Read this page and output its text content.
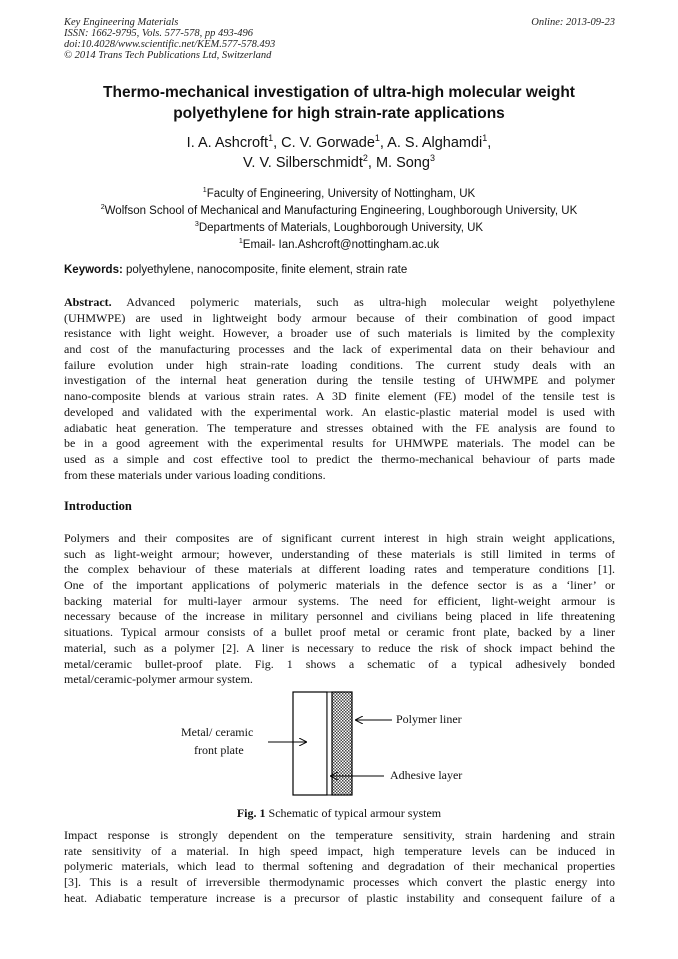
Key Engineering Materials
ISSN: 1662-9795, Vols. 577-578, pp 493-496
doi:10.4028/www.scientific.net/KEM.577-578.493
© 2014 Trans Tech Publications Ltd, Switzerland
Online: 2013-09-23
Thermo-mechanical investigation of ultra-high molecular weight
polyethylene for high strain-rate applications
I. A. Ashcroft$^1$, C. V. Gorwade$^1$, A. S. Alghamdi$^1$,
V. V. Silberschmidt$^2$, M. Song$^3$
$^1$Faculty of Engineering, University of Nottingham, UK
$^2$Wolfson School of Mechanical and Manufacturing Engineering, Loughborough University, UK
$^3$Departments of Materials, Loughborough University, UK
$^1$Email- Ian.Ashcroft@nottingham.ac.uk
Keywords: polyethylene, nanocomposite, finite element, strain rate
Abstract. Advanced polymeric materials, such as ultra-high molecular weight polyethylene
(UHMWPE) are used in lightweight body armour because of their combination of good impact
resistance with light weight. However, a broader use of such materials is limited by the complexity
and cost of the manufacturing processes and the lack of experimental data on their behaviour and
failure evolution under high strain-rate loading conditions. The current study deals with an
investigation of the internal heat generation during the tensile testing of UHWMPE and polymer
nano-composite blends at various strain rates. A 3D finite element (FE) model of the tensile test is
developed and validated with the experimental work. An elastic-plastic material model is used with
adiabatic heat generation. The temperature and stresses obtained with the FE analysis are found to
be in a good agreement with the experimental results for UHMWPE materials. The model can be
used as a simple and cost effective tool to predict the thermo-mechanical behaviour of parts made
from these materials under various loading conditions.
Introduction
Polymers and their composites are of significant current interest in high strain weight applications,
such as light-weight armour; however, understanding of these materials is still limited in terms of
the complex behaviour of these materials at different loading rates and temperature conditions [1].
One of the important applications of polymeric materials in the defence sector is as a ‘liner’ or
backing material for multi-layer armour systems. The need for efficient, light-weight armour is
necessary because of the increase in military personnel and civilians being placed in life threatening
situations. Typical armour consists of a bullet proof metal or ceramic front plate, backed by a liner
material, such as a polymer [2]. A liner is necessary to reduce the risk of shock impact behind the
metal/ceramic bullet-proof plate. Fig. 1 shows a schematic of a typical adhesively bonded
metal/ceramic-polymer armour system.
Metal/ ceramic
front plate
Polymer liner
Adhesive layer
Fig. 1 Schematic of typical armour system
Impact response is strongly dependent on the temperature sensitivity, strain hardening and strain
rate sensitivity of a material. In high speed impact, high temperature levels can be induced in
polymeric materials, which lead to thermal softening and degradation of their mechanical properties
[3]. This is a result of irreversible thermodynamic processes which convert the plastic energy into
heat. Adiabatic temperature increase is a precursor of plastic instability and consequent failure of a
